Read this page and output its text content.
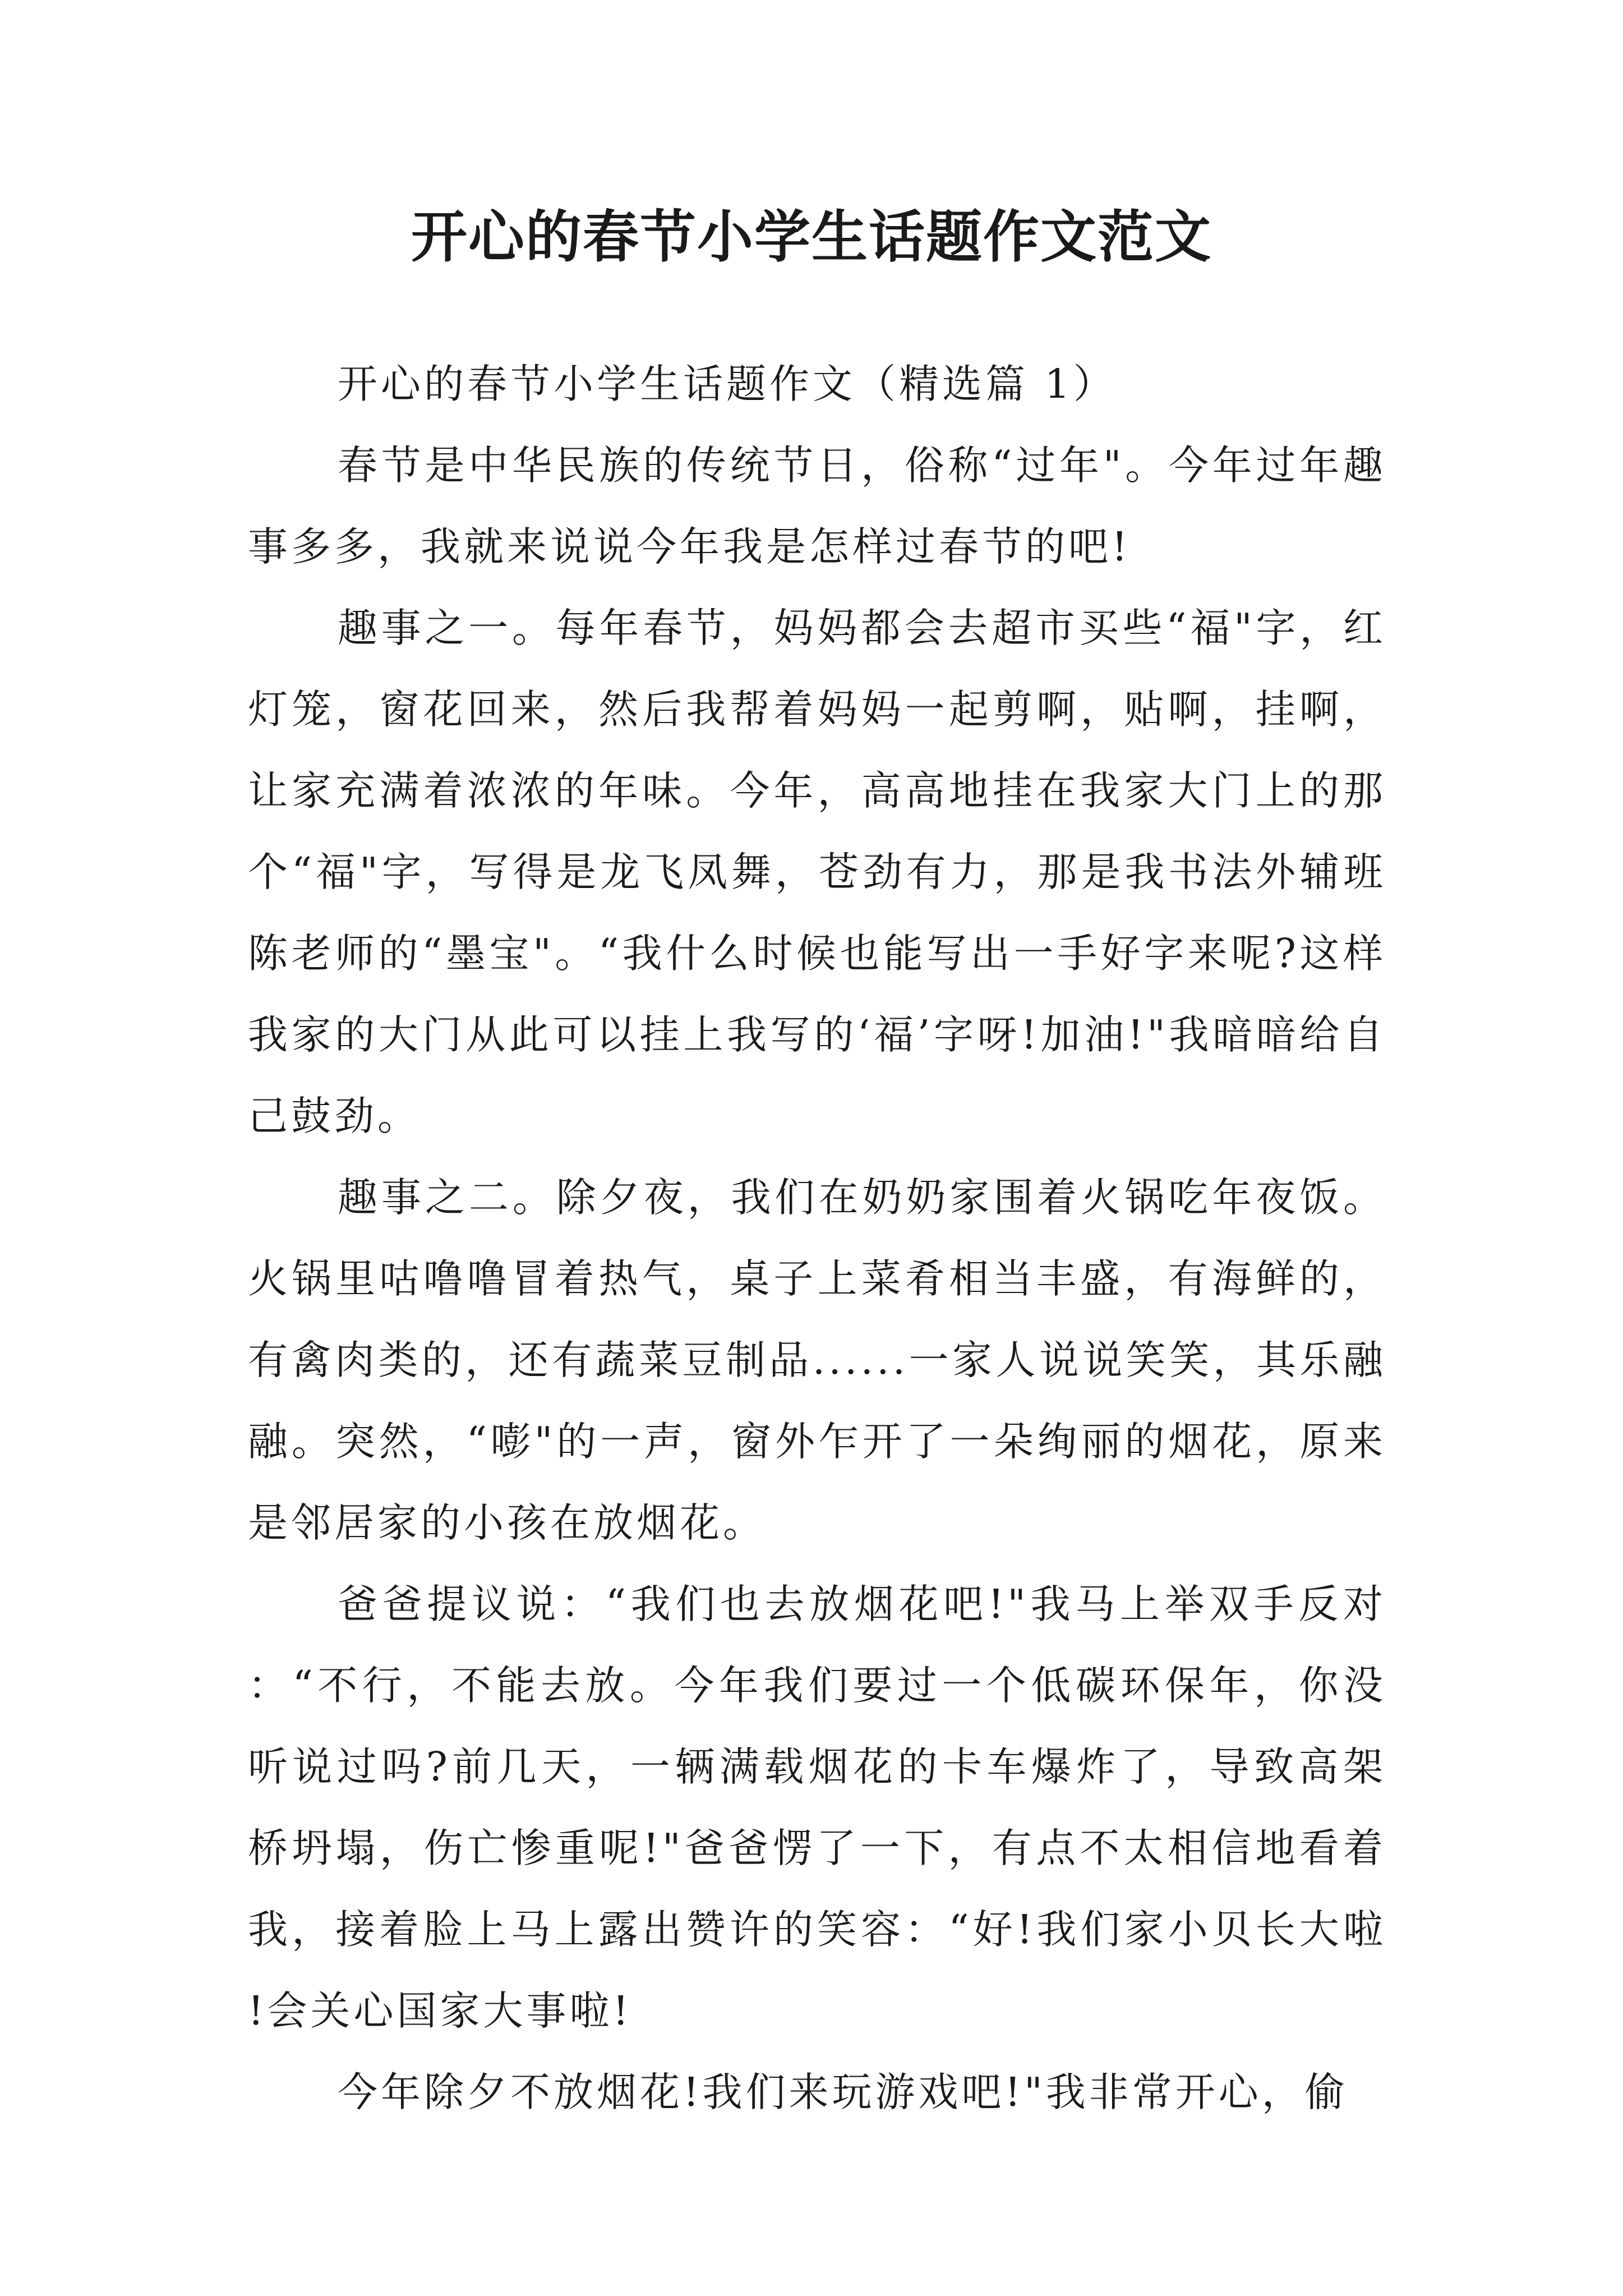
开心的春节小学生话题作文范文

开心的春节小学生话题作文（精选篇 1）

春节是中华民族的传统节日，俗称“过年"。今年过年趣事多多，我就来说说今年我是怎样过春节的吧!

趣事之一。每年春节，妈妈都会去超市买些“福"字，红灯笼，窗花回来，然后我帮着妈妈一起剪啊，贴啊，挂啊，让家充满着浓浓的年味。今年，高高地挂在我家大门上的那个“福"字，写得是龙飞凤舞，苍劲有力，那是我书法外辅班陈老师的“墨宝"。“我什么时候也能写出一手好字来呢?这样我家的大门从此可以挂上我写的‘福’字呀!加油!"我暗暗给自己鼓劲。

趣事之二。除夕夜，我们在奶奶家围着火锅吃年夜饭。火锅里咕噜噜冒着热气，桌子上菜肴相当丰盛，有海鲜的，有禽肉类的，还有蔬菜豆制品......一家人说说笑笑，其乐融融。突然，“嘭"的一声，窗外乍开了一朵绚丽的烟花，原来是邻居家的小孩在放烟花。

爸爸提议说：“我们也去放烟花吧!"我马上举双手反对：“不行，不能去放。今年我们要过一个低碳环保年，你没听说过吗?前几天，一辆满载烟花的卡车爆炸了，导致高架桥坍塌，伤亡惨重呢!"爸爸愣了一下，有点不太相信地看着我，接着脸上马上露出赞许的笑容：“好!我们家小贝长大啦!会关心国家大事啦!

今年除夕不放烟花!我们来玩游戏吧!"我非常开心，偷
